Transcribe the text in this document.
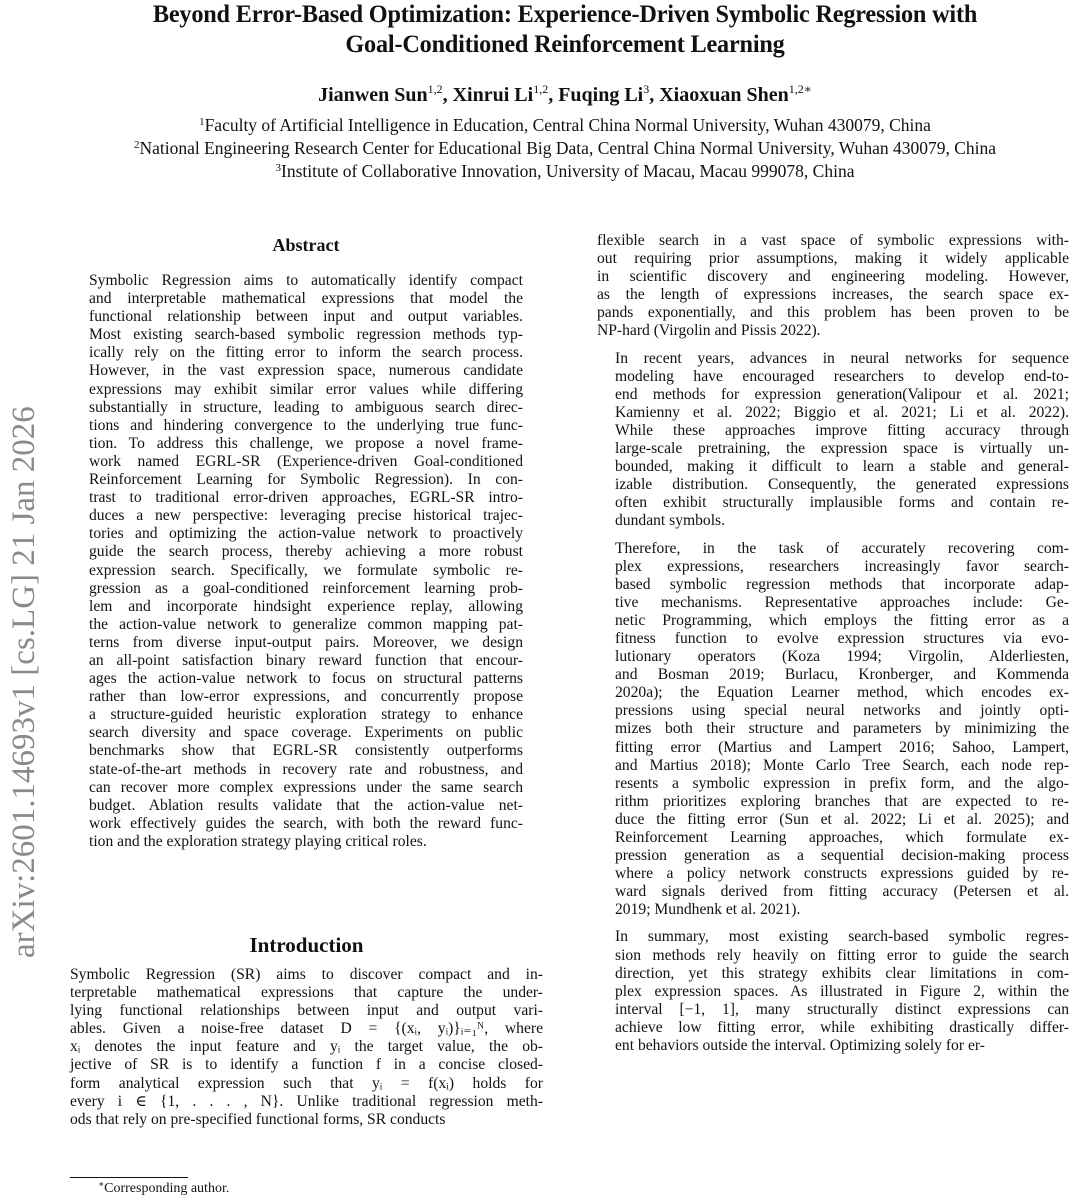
Beyond Error-Based Optimization: Experience-Driven Symbolic Regression with
Goal-Conditioned Reinforcement Learning
Jianwen Sun$^{1,2}$, Xinrui Li$^{1,2}$, Fuqing Li$^3$, Xiaoxuan Shen$^{1,2∗}$
$^1$Faculty of Artificial Intelligence in Education, Central China Normal University, Wuhan 430079, China
$^2$National Engineering Research Center for Educational Big Data, Central China Normal University, Wuhan 430079, China
$^3$Institute of Collaborative Innovation, University of Macau, Macau 999078, China
arXiv:2601.14693v1 [cs.LG] 21 Jan 2026
Abstract
Symbolic Regression aims to automatically identify compact
and interpretable mathematical expressions that model the
functional relationship between input and output variables.
Most existing search-based symbolic regression methods typ-
ically rely on the fitting error to inform the search process.
However, in the vast expression space, numerous candidate
expressions may exhibit similar error values while differing
substantially in structure, leading to ambiguous search direc-
tions and hindering convergence to the underlying true func-
tion. To address this challenge, we propose a novel frame-
work named EGRL-SR (Experience-driven Goal-conditioned
Reinforcement Learning for Symbolic Regression). In con-
trast to traditional error-driven approaches, EGRL-SR intro-
duces a new perspective: leveraging precise historical trajec-
tories and optimizing the action-value network to proactively
guide the search process, thereby achieving a more robust
expression search. Specifically, we formulate symbolic re-
gression as a goal-conditioned reinforcement learning prob-
lem and incorporate hindsight experience replay, allowing
the action-value network to generalize common mapping pat-
terns from diverse input-output pairs. Moreover, we design
an all-point satisfaction binary reward function that encour-
ages the action-value network to focus on structural patterns
rather than low-error expressions, and concurrently propose
a structure-guided heuristic exploration strategy to enhance
search diversity and space coverage. Experiments on public
benchmarks show that EGRL-SR consistently outperforms
state-of-the-art methods in recovery rate and robustness, and
can recover more complex expressions under the same search
budget. Ablation results validate that the action-value net-
work effectively guides the search, with both the reward func-
tion and the exploration strategy playing critical roles.
Introduction
Symbolic Regression (SR) aims to discover compact and in-
terpretable mathematical expressions that capture the under-
lying functional relationships between input and output vari-
ables. Given a noise-free dataset D = {(xᵢ, yᵢ)}ᵢ₌₁ᴺ, where
xᵢ denotes the input feature and yᵢ the target value, the ob-
jective of SR is to identify a function f in a concise closed-
form analytical expression such that yᵢ = f(xᵢ) holds for
every i ∈ {1, . . . , N}. Unlike traditional regression meth-
ods that rely on pre-specified functional forms, SR conducts
flexible search in a vast space of symbolic expressions with-
out requiring prior assumptions, making it widely applicable
in scientific discovery and engineering modeling. However,
as the length of expressions increases, the search space ex-
pands exponentially, and this problem has been proven to be
NP-hard (Virgolin and Pissis 2022).
In recent years, advances in neural networks for sequence
modeling have encouraged researchers to develop end-to-
end methods for expression generation(Valipour et al. 2021;
Kamienny et al. 2022; Biggio et al. 2021; Li et al. 2022).
While these approaches improve fitting accuracy through
large-scale pretraining, the expression space is virtually un-
bounded, making it difficult to learn a stable and general-
izable distribution. Consequently, the generated expressions
often exhibit structurally implausible forms and contain re-
dundant symbols.
Therefore, in the task of accurately recovering com-
plex expressions, researchers increasingly favor search-
based symbolic regression methods that incorporate adap-
tive mechanisms. Representative approaches include: Ge-
netic Programming, which employs the fitting error as a
fitness function to evolve expression structures via evo-
lutionary operators (Koza 1994; Virgolin, Alderliesten,
and Bosman 2019; Burlacu, Kronberger, and Kommenda
2020a); the Equation Learner method, which encodes ex-
pressions using special neural networks and jointly opti-
mizes both their structure and parameters by minimizing the
fitting error (Martius and Lampert 2016; Sahoo, Lampert,
and Martius 2018); Monte Carlo Tree Search, each node rep-
resents a symbolic expression in prefix form, and the algo-
rithm prioritizes exploring branches that are expected to re-
duce the fitting error (Sun et al. 2022; Li et al. 2025); and
Reinforcement Learning approaches, which formulate ex-
pression generation as a sequential decision-making process
where a policy network constructs expressions guided by re-
ward signals derived from fitting accuracy (Petersen et al.
2019; Mundhenk et al. 2021).
In summary, most existing search-based symbolic regres-
sion methods rely heavily on fitting error to guide the search
direction, yet this strategy exhibits clear limitations in com-
plex expression spaces. As illustrated in Figure 2, within the
interval [−1, 1], many structurally distinct expressions can
achieve low fitting error, while exhibiting drastically differ-
ent behaviors outside the interval. Optimizing solely for er-
∗Corresponding author.
